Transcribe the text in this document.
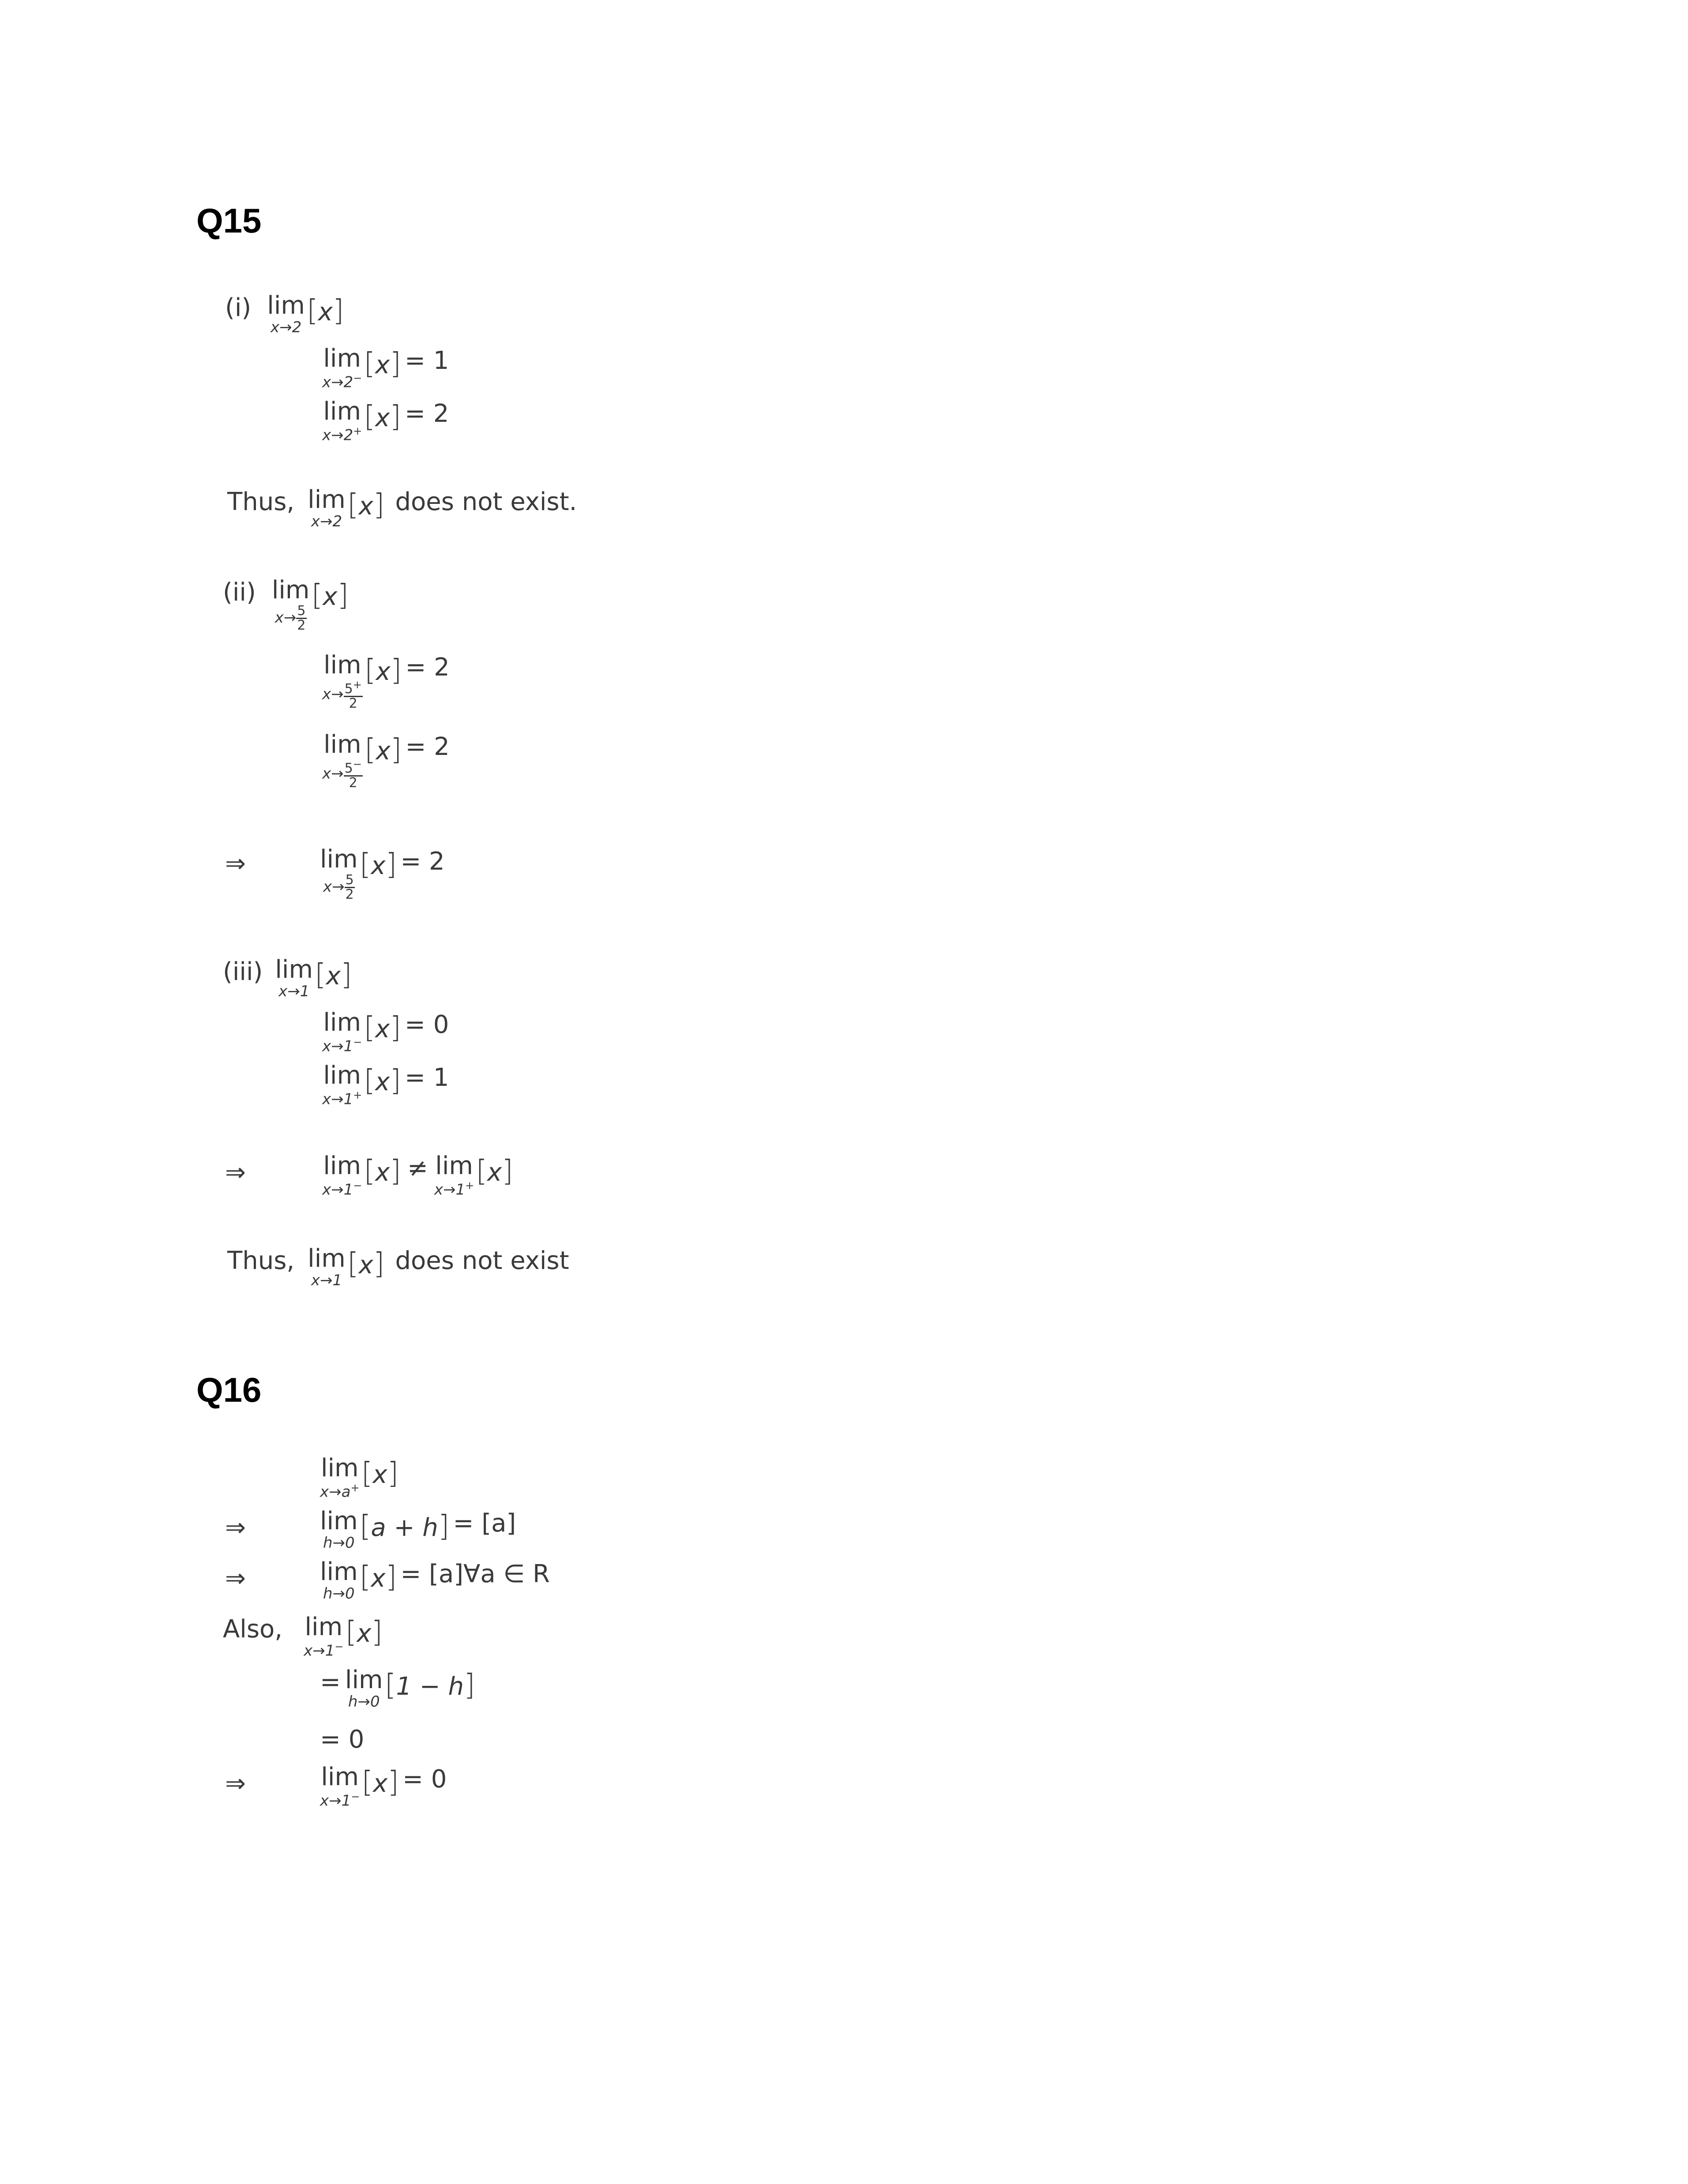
Q15
(i) lim
x→2 [x]
lim
x→2− [x] = 1
lim
x→2+ [x] = 2
Thus, lim
x→2 [x] does not exist.
(ii) lim
$x\to \frac{5}{2}$
[x]
lim
$x\to \frac{5^+}{2}$
[x] = 2
lim
$x\to \frac{5^-}{2}$
[x] = 2
⇒	lim
$x\to \frac{5}{2}$
[x] = 2
(iii) lim
x→1 [x]
lim
x→1− [x] = 0
lim
x→1+ [x] = 1
⇒	lim
x→1− [x] ≠ lim
x→1+ [x]
Thus, lim
x→1 [x] does not exist
Q16
lim
x→a+ [x]
⇒	lim
h→0 [a + h] = [a]
⇒	lim
h→0 [x] = [a]∀a ∈ R
Also, lim
x→1− [x]
= lim
h→0 [1 − h]
= 0
⇒	lim
x→1− [x] = 0
